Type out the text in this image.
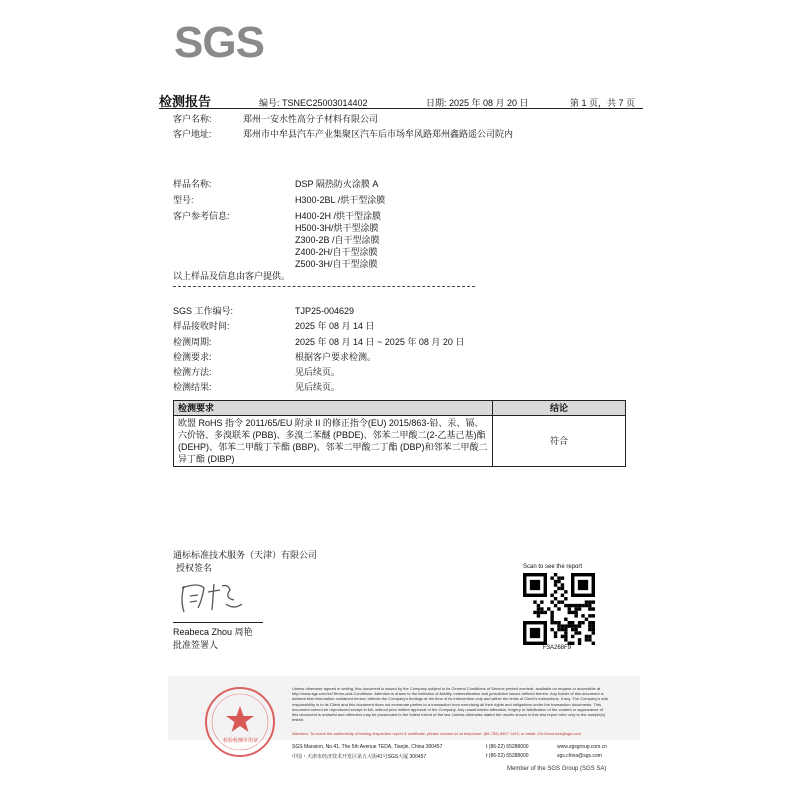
SGS
检测报告	编号: TSNEC25003014402	日期: 2025 年 08 月 20 日	第 1 页，共 7 页
客户名称:	郑州一安水性高分子材料有限公司
客户地址:	郑州市中牟县汽车产业集聚区汽车后市场牟风路郑州鑫路遥公司院内
样品名称:	DSP 隔热防火涂膜 A
型号:	H300-2BL /烘干型涂膜
客户参考信息:	H400-2H /烘干型涂膜
H500-3H/烘干型涂膜
Z300-2B /自干型涂膜
Z400-2H/自干型涂膜
Z500-3H/自干型涂膜
以上样品及信息由客户提供。
SGS 工作编号:	TJP25-004629
样品接收时间:	2025 年 08 月 14 日
检测周期:	2025 年 08 月 14 日 ~ 2025 年 08 月 20 日
检测要求:	根据客户要求检测。
检测方法:	见后续页。
检测结果:	见后续页。
检测要求	结论
欧盟 RoHS 指令 2011/65/EU 附录 II 的修正指令(EU) 2015/863-铅、汞、镉、六价铬、多溴联苯 (PBB)、多溴二苯醚 (PBDE)、邻苯二甲酸二(2-乙基己基)酯 (DEHP)、邻苯二甲酸丁苄酯 (BBP)、邻苯二甲酸二丁酯 (DBP)和邻苯二甲酸二异丁酯 (DIBP)	符合
通标标准技术服务（天津）有限公司
授权签名
Reabeca Zhou 周艳
批准签署人
Scan to see the report
F3A268F9
检验检测专用章
Unless otherwise agreed in writing, this document is issued by the Company subject to its General Conditions of Service printed overleaf, available on request or accessible at http://www.sgs.com/en/Terms-and-Conditions. Attention is drawn to the limitation of liability, indemnification and jurisdiction issues defined therein. Any holder of this document is advised that information contained hereon reflects the Company's findings at the time of its intervention only and within the limits of Client's instructions, if any. The Company's sole responsibility is to its Client and this document does not exonerate parties to a transaction from exercising all their rights and obligations under the transaction documents. This document cannot be reproduced except in full, without prior written approval of the Company. Any unauthorized alteration, forgery or falsification of the content or appearance of this document is unlawful and offenders may be prosecuted to the fullest extent of the law. Unless otherwise stated the results shown in this test report refer only to the sample(s) tested.
Attention: To check the authenticity of testing /inspection report & certificate, please contact us at telephone: (86-755) 8307 1443, or email: CN.Doccheck@sgs.com
SGS Mansion, No.41, The 5th Avenue TEDA, Tianjin, China 300457
中国・天津市经济技术开发区第五大街41号SGS大厦 300457
t (86-22) 65288000
t (86-22) 65288000
www.sgsgroup.com.cn
sgs.china@sgs.com
Member of the SGS Group (SGS SA)
